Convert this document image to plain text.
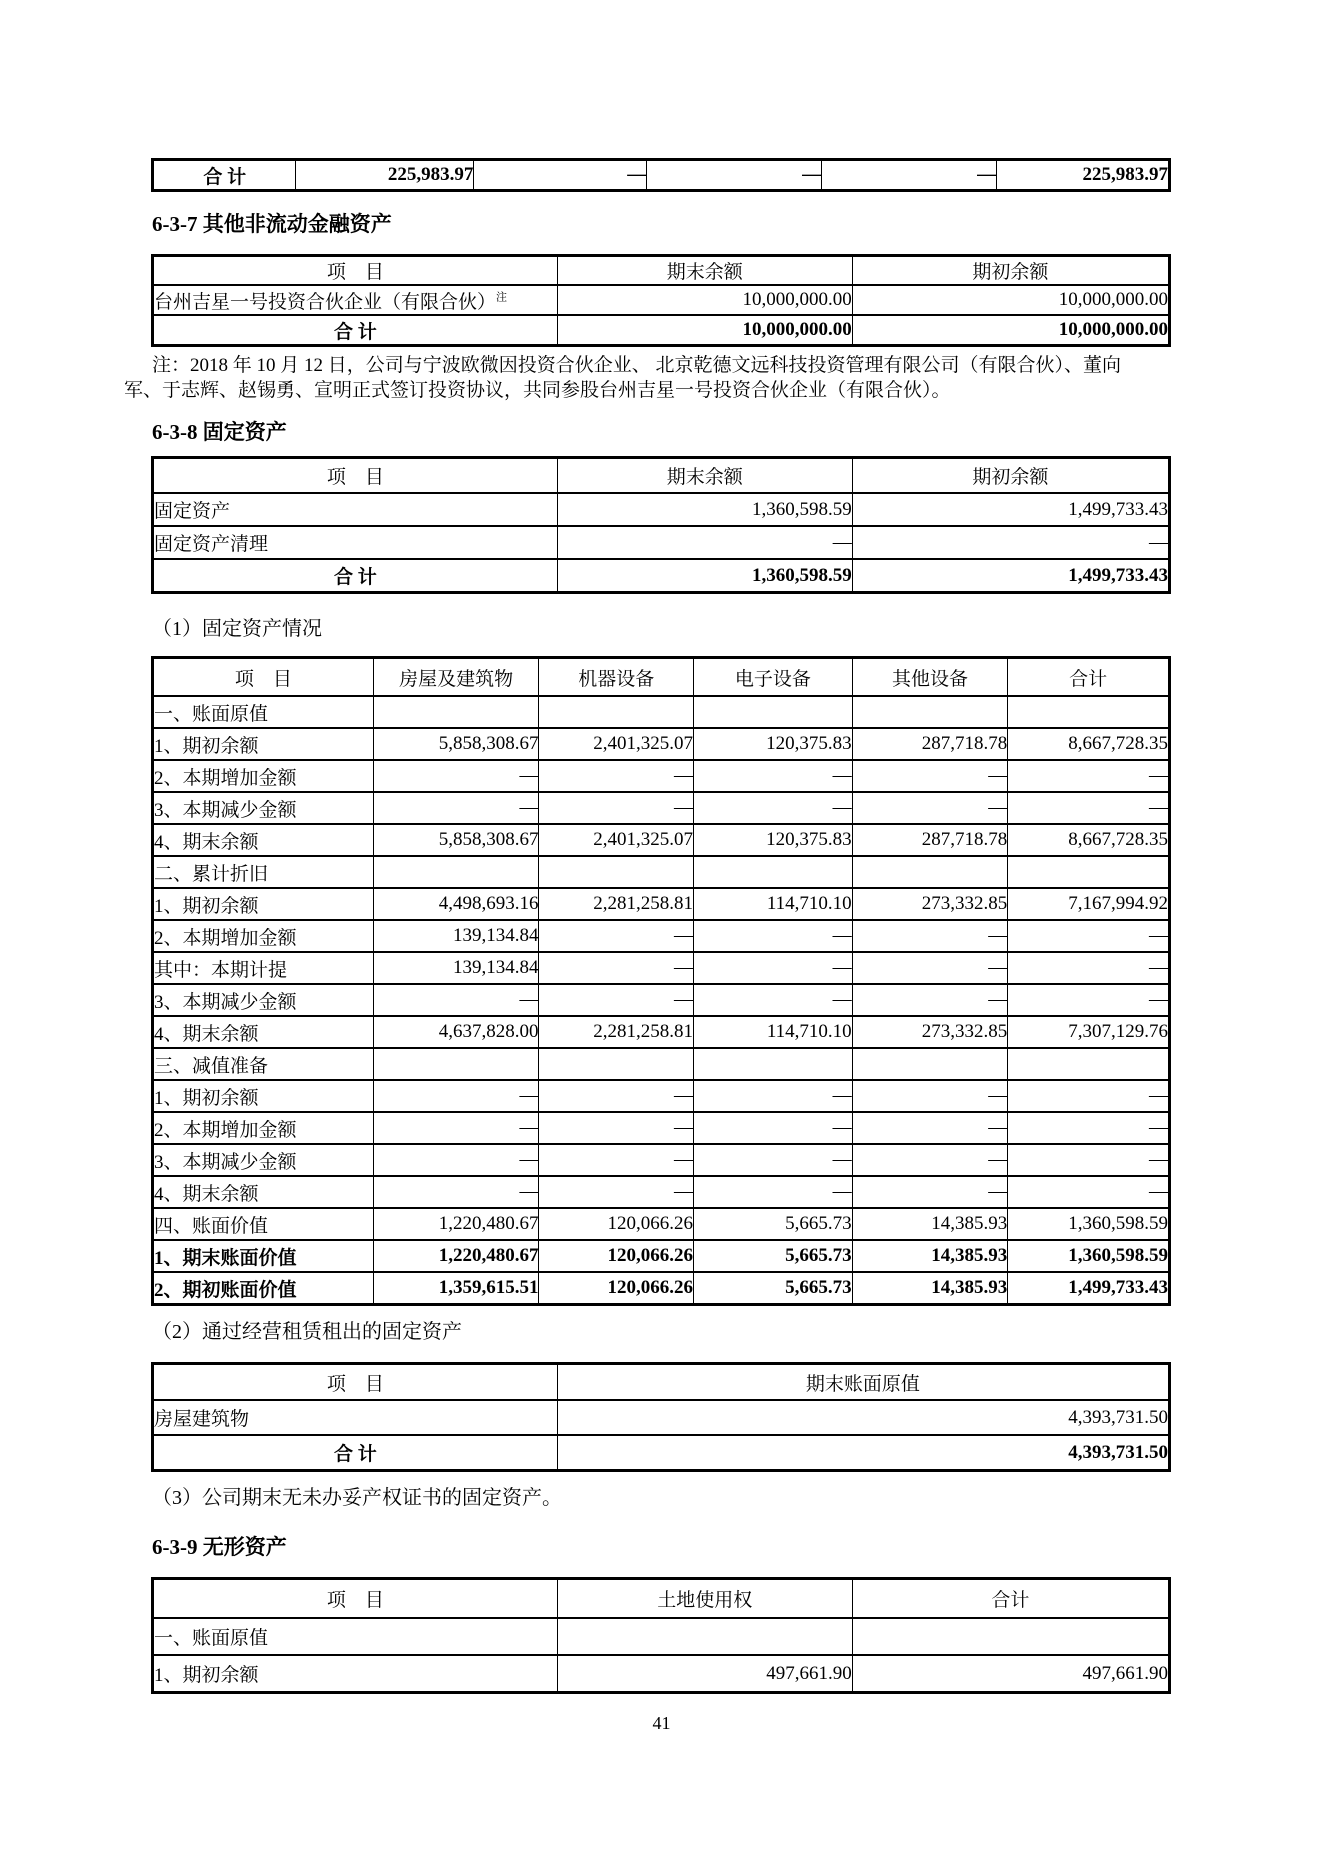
合 计	225,983.97	—	—	—	225,983.97
6-3-7 其他非流动金融资产
项　目	期末余额	期初余额
台州吉星一号投资合伙企业（有限合伙）$^注$	10,000,000.00	10,000,000.00
合 计	10,000,000.00	10,000,000.00
注：2018 年 10 月 12 日，公司与宁波欧微因投资合伙企业、 北京乾德文远科技投资管理有限公司（有限合伙）、董向
军、于志辉、赵锡勇、宣明正式签订投资协议，共同参股台州吉星一号投资合伙企业（有限合伙）。
6-3-8 固定资产
项　目	期末余额	期初余额
固定资产	1,360,598.59	1,499,733.43
固定资产清理	—	—
合 计	1,360,598.59	1,499,733.43
（1）固定资产情况
项　目	房屋及建筑物	机器设备	电子设备	其他设备	合计
一、账面原值					
1、期初余额	5,858,308.67	2,401,325.07	120,375.83	287,718.78	8,667,728.35
2、本期增加金额	—	—	—	—	—
3、本期减少金额	—	—	—	—	—
4、期末余额	5,858,308.67	2,401,325.07	120,375.83	287,718.78	8,667,728.35
二、累计折旧					
1、期初余额	4,498,693.16	2,281,258.81	114,710.10	273,332.85	7,167,994.92
2、本期增加金额	139,134.84	—	—	—	—
其中：本期计提	139,134.84	—	—	—	—
3、本期减少金额	—	—	—	—	—
4、期末余额	4,637,828.00	2,281,258.81	114,710.10	273,332.85	7,307,129.76
三、减值准备					
1、期初余额	—	—	—	—	—
2、本期增加金额	—	—	—	—	—
3、本期减少金额	—	—	—	—	—
4、期末余额	—	—	—	—	—
四、账面价值	1,220,480.67	120,066.26	5,665.73	14,385.93	1,360,598.59
1、期末账面价值	1,220,480.67	120,066.26	5,665.73	14,385.93	1,360,598.59
2、期初账面价值	1,359,615.51	120,066.26	5,665.73	14,385.93	1,499,733.43
（2）通过经营租赁租出的固定资产
项　目	期末账面原值
房屋建筑物	4,393,731.50
合 计	4,393,731.50
（3）公司期末无未办妥产权证书的固定资产。
6-3-9 无形资产
项　目	土地使用权	合计
一、账面原值		
1、期初余额	497,661.90	497,661.90
41
